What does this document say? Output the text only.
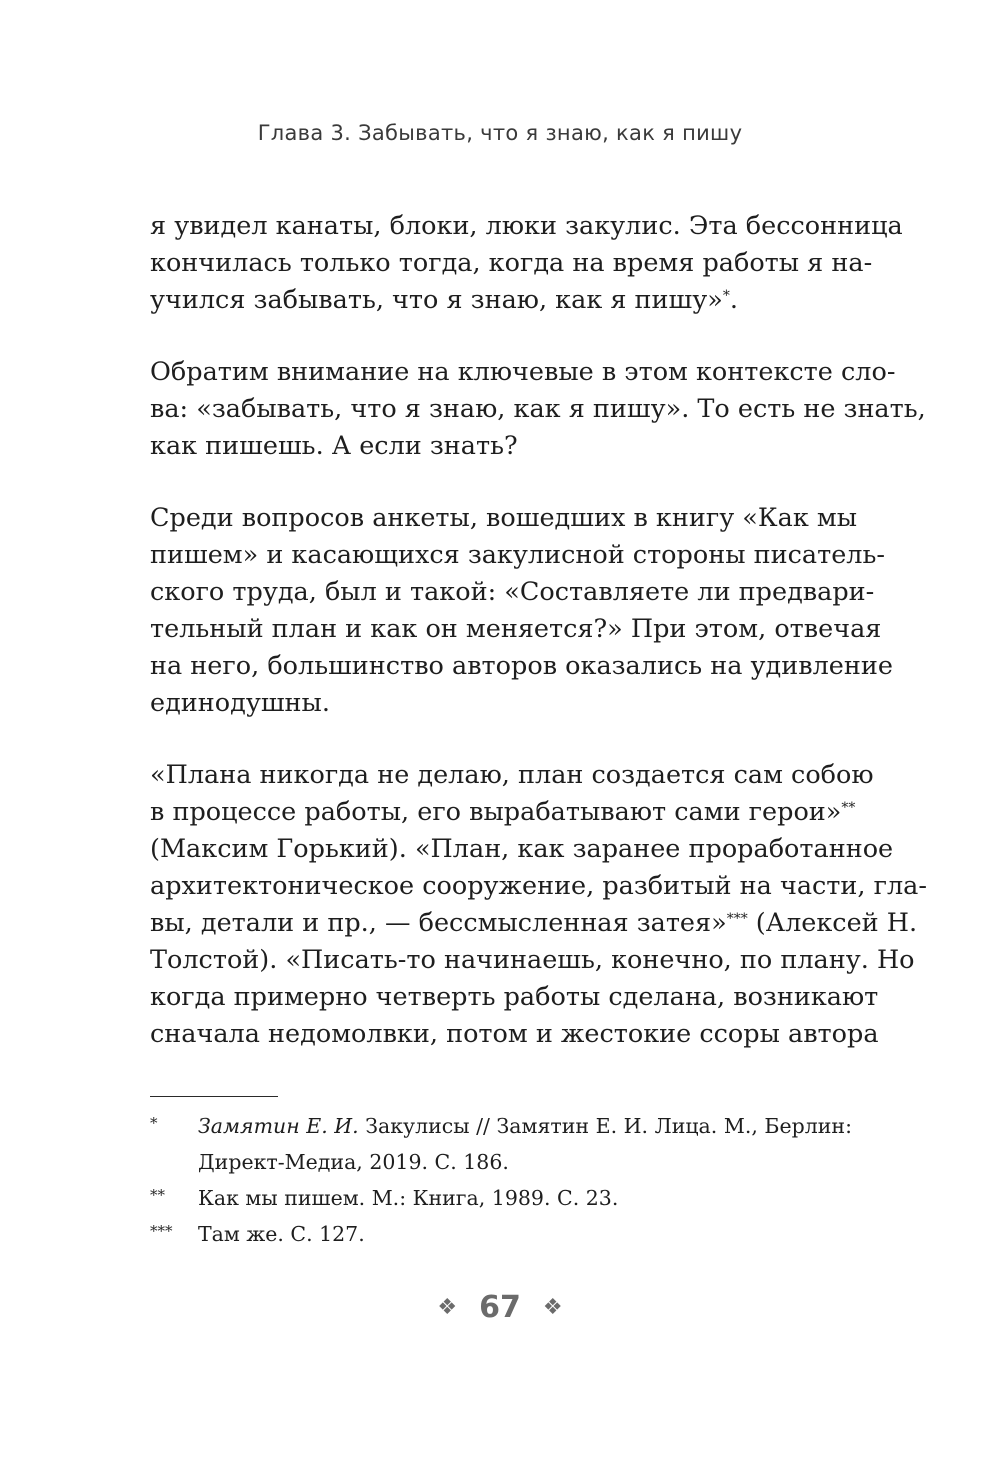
Глава 3. Забывать, что я знаю, как я пишу

я увидел канаты, блоки, люки закулис. Эта бессонница
кончилась только тогда, когда на время работы я на-
учился забывать, что я знаю, как я пишу»*.
Обратим внимание на ключевые в этом контексте сло-
ва: «забывать, что я знаю, как я пишу». То есть не знать,
как пишешь. А если знать?
Среди вопросов анкеты, вошедших в книгу «Как мы
пишем» и касающихся закулисной стороны писатель-
ского труда, был и такой: «Составляете ли предвари-
тельный план и как он меняется?» При этом, отвечая
на него, большинство авторов оказались на удивление
единодушны.
«Плана никогда не делаю, план создается сам собою
в процессе работы, его вырабатывают сами герои»**
(Максим Горький). «План, как заранее проработанное
архитектоническое сооружение, разбитый на части, гла-
вы, детали и пр., — бессмысленная затея»*** (Алексей Н.
Толстой). «Писать-то начинаешь, конечно, по плану. Но
когда примерно четверть работы сделана, возникают
сначала недомолвки, потом и жестокие ссоры автора
* Замятин Е. И. Закулисы // Замятин Е. И. Лица. М., Берлин:
Директ-Медиа, 2019. С. 186.
** Как мы пишем. М.: Книга, 1989. С. 23.
*** Там же. С. 127.
❖ 67 ❖
